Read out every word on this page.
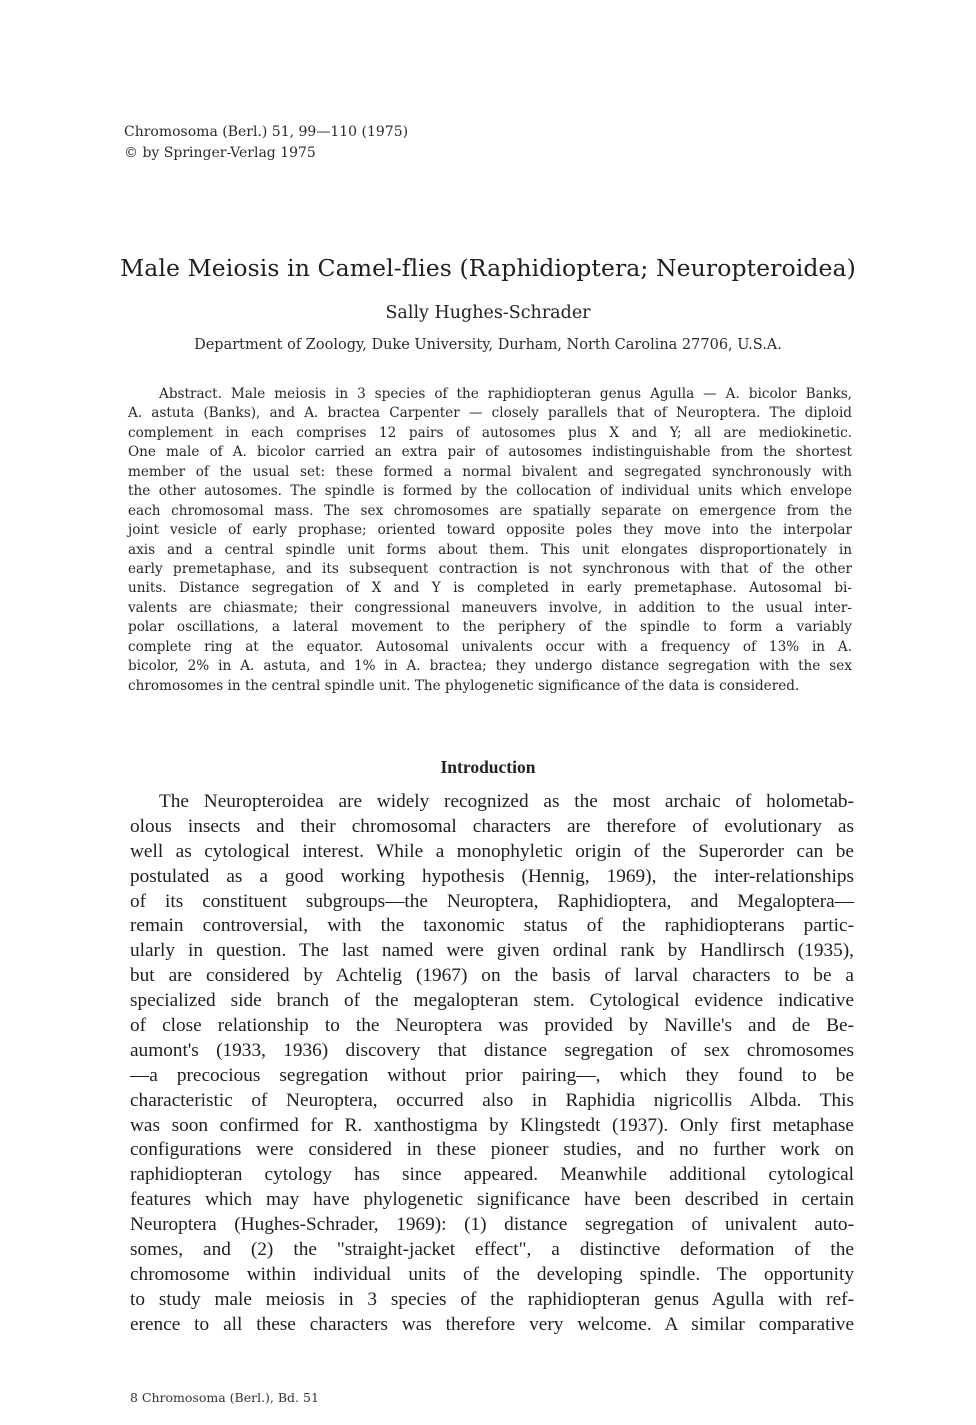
Chromosoma (Berl.) 51, 99—110 (1975)
© by Springer-Verlag 1975
Male Meiosis in Camel-flies (Raphidioptera; Neuropteroidea)
Sally Hughes-Schrader
Department of Zoology, Duke University, Durham, North Carolina 27706, U.S.A.
Abstract. Male meiosis in 3 species of the raphidiopteran genus Agulla — A. bicolor Banks,
A. astuta (Banks), and A. bractea Carpenter — closely parallels that of Neuroptera. The diploid
complement in each comprises 12 pairs of autosomes plus X and Y; all are mediokinetic.
One male of A. bicolor carried an extra pair of autosomes indistinguishable from the shortest
member of the usual set: these formed a normal bivalent and segregated synchronously with
the other autosomes. The spindle is formed by the collocation of individual units which envelope
each chromosomal mass. The sex chromosomes are spatially separate on emergence from the
joint vesicle of early prophase; oriented toward opposite poles they move into the interpolar
axis and a central spindle unit forms about them. This unit elongates disproportionately in
early premetaphase, and its subsequent contraction is not synchronous with that of the other
units. Distance segregation of X and Y is completed in early premetaphase. Autosomal bi-
valents are chiasmate; their congressional maneuvers involve, in addition to the usual inter-
polar oscillations, a lateral movement to the periphery of the spindle to form a variably
complete ring at the equator. Autosomal univalents occur with a frequency of 13% in A.
bicolor, 2% in A. astuta, and 1% in A. bractea; they undergo distance segregation with the sex
chromosomes in the central spindle unit. The phylogenetic significance of the data is considered.
Introduction
The Neuropteroidea are widely recognized as the most archaic of holometab-
olous insects and their chromosomal characters are therefore of evolutionary as
well as cytological interest. While a monophyletic origin of the Superorder can be
postulated as a good working hypothesis (Hennig, 1969), the inter-relationships
of its constituent subgroups—the Neuroptera, Raphidioptera, and Megaloptera—
remain controversial, with the taxonomic status of the raphidiopterans partic-
ularly in question. The last named were given ordinal rank by Handlirsch (1935),
but are considered by Achtelig (1967) on the basis of larval characters to be a
specialized side branch of the megalopteran stem. Cytological evidence indicative
of close relationship to the Neuroptera was provided by Naville's and de Be-
aumont's (1933, 1936) discovery that distance segregation of sex chromosomes
—a precocious segregation without prior pairing—, which they found to be
characteristic of Neuroptera, occurred also in Raphidia nigricollis Albda. This
was soon confirmed for R. xanthostigma by Klingstedt (1937). Only first metaphase
configurations were considered in these pioneer studies, and no further work on
raphidiopteran cytology has since appeared. Meanwhile additional cytological
features which may have phylogenetic significance have been described in certain
Neuroptera (Hughes-Schrader, 1969): (1) distance segregation of univalent auto-
somes, and (2) the "straight-jacket effect", a distinctive deformation of the
chromosome within individual units of the developing spindle. The opportunity
to study male meiosis in 3 species of the raphidiopteran genus Agulla with ref-
erence to all these characters was therefore very welcome. A similar comparative
8 Chromosoma (Berl.), Bd. 51
